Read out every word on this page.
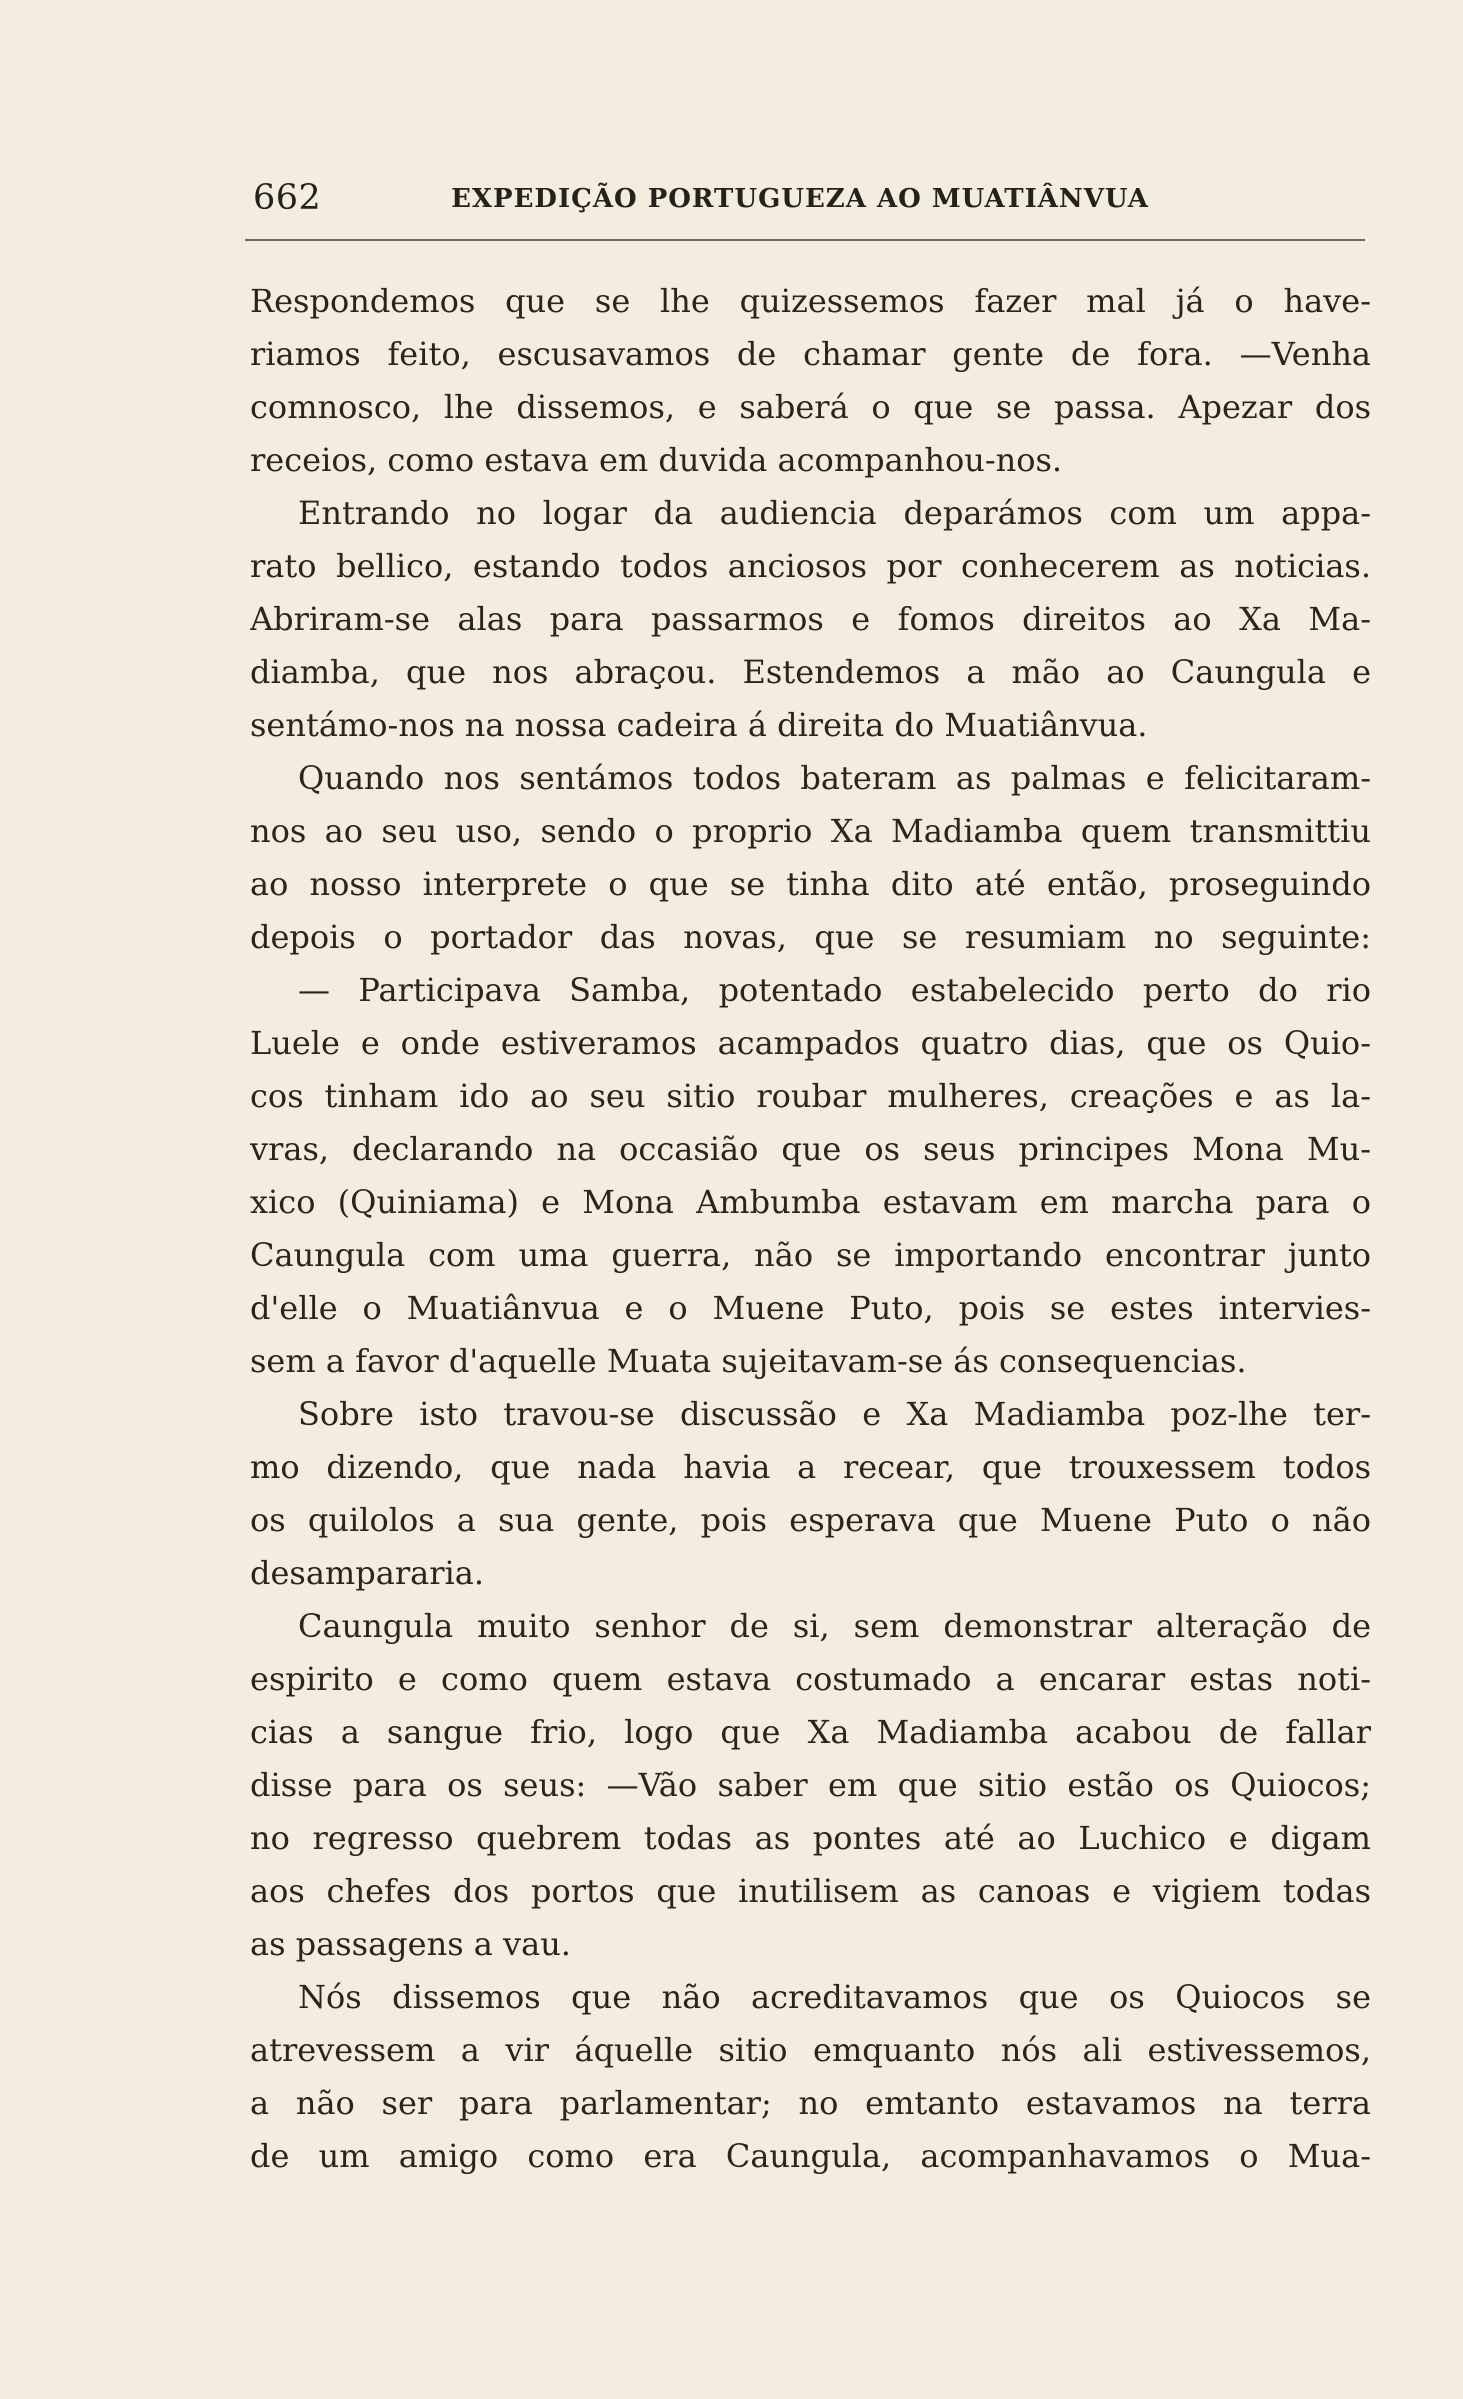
662	EXPEDIÇÃO PORTUGUEZA AO MUATIÂNVUA
Respondemos que se lhe quizessemos fazer mal já o have-
riamos feito, escusavamos de chamar gente de fora. —Venha
comnosco, lhe dissemos, e saberá o que se passa. Apezar dos
receios, como estava em duvida acompanhou-nos.
Entrando no logar da audiencia deparámos com um appa-
rato bellico, estando todos anciosos por conhecerem as noticias.
Abriram-se alas para passarmos e fomos direitos ao Xa Ma-
diamba, que nos abraçou. Estendemos a mão ao Caungula e
sentámo-nos na nossa cadeira á direita do Muatiânvua.
Quando nos sentámos todos bateram as palmas e felicitaram-
nos ao seu uso, sendo o proprio Xa Madiamba quem transmittiu
ao nosso interprete o que se tinha dito até então, proseguindo
depois o portador das novas, que se resumiam no seguinte:
— Participava Samba, potentado estabelecido perto do rio
Luele e onde estiveramos acampados quatro dias, que os Quio-
cos tinham ido ao seu sitio roubar mulheres, creações e as la-
vras, declarando na occasião que os seus principes Mona Mu-
xico (Quiniama) e Mona Ambumba estavam em marcha para o
Caungula com uma guerra, não se importando encontrar junto
d'elle o Muatiânvua e o Muene Puto, pois se estes intervies-
sem a favor d'aquelle Muata sujeitavam-se ás consequencias.
Sobre isto travou-se discussão e Xa Madiamba poz-lhe ter-
mo dizendo, que nada havia a recear, que trouxessem todos
os quilolos a sua gente, pois esperava que Muene Puto o não
desampararia.
Caungula muito senhor de si, sem demonstrar alteração de
espirito e como quem estava costumado a encarar estas noti-
cias a sangue frio, logo que Xa Madiamba acabou de fallar
disse para os seus: —Vão saber em que sitio estão os Quiocos;
no regresso quebrem todas as pontes até ao Luchico e digam
aos chefes dos portos que inutilisem as canoas e vigiem todas
as passagens a vau.
Nós dissemos que não acreditavamos que os Quiocos se
atrevessem a vir áquelle sitio emquanto nós ali estivessemos,
a não ser para parlamentar; no emtanto estavamos na terra
de um amigo como era Caungula, acompanhavamos o Mua-
